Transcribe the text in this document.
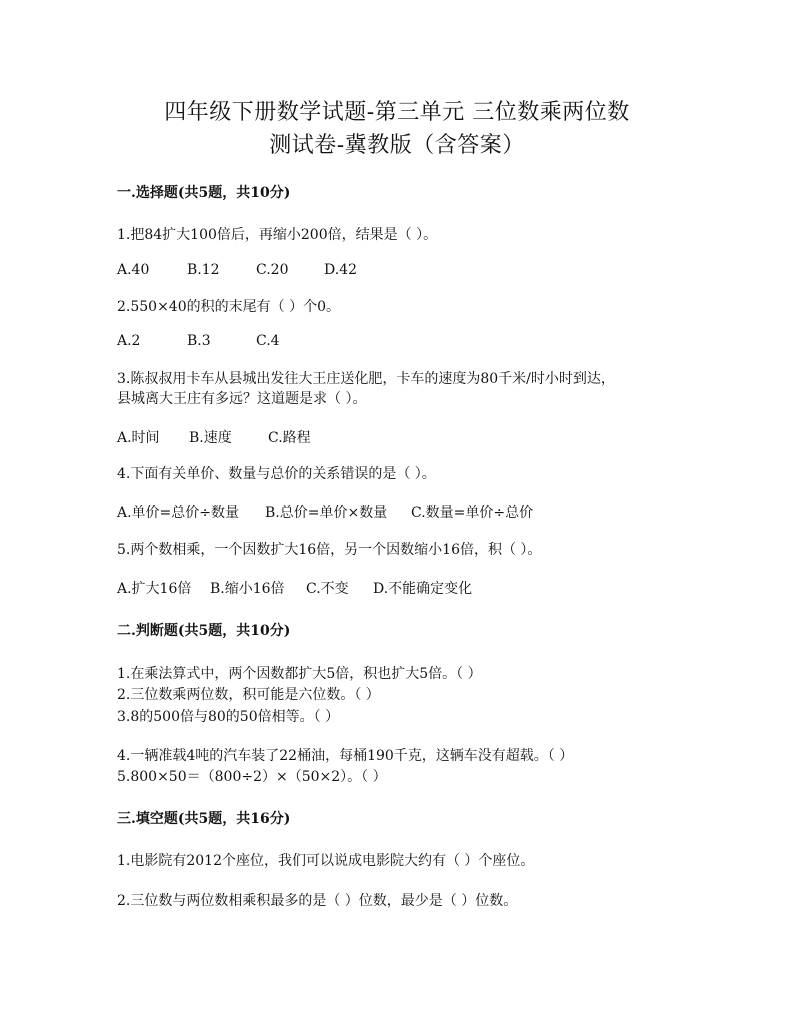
四年级下册数学试题-第三单元 三位数乘两位数
测试卷-冀教版（含答案）
一.选择题(共5题，共10分)
1.把84扩大100倍后，再缩小200倍，结果是（ ）。
A.40	B.12	C.20	D.42
2.550×40的积的末尾有（ ）个0。
A.2	B.3	C.4
3.陈叔叔用卡车从县城出发往大王庄送化肥，卡车的速度为80千米/时小时到达，
县城离大王庄有多远？这道题是求（ ）。
A.时间 B.速度	C.路程
4.下面有关单价、数量与总价的关系错误的是（ ）。
A.单价=总价÷数量 B.总价=单价×数量 C.数量=单价÷总价
5.两个数相乘，一个因数扩大16倍，另一个因数缩小16倍，积（ ）。
A.扩大16倍 B.缩小16倍 C.不变 D.不能确定变化
二.判断题(共5题，共10分)
1.在乘法算式中，两个因数都扩大5倍，积也扩大5倍。（ ）
2.三位数乘两位数，积可能是六位数。（ ）
3.8的500倍与80的50倍相等。（ ）
4.一辆准载4吨的汽车装了22桶油，每桶190千克，这辆车没有超载。（ ）
5.800×50＝（800÷2）×（50×2）。（ ）
三.填空题(共5题，共16分)
1.电影院有2012个座位，我们可以说成电影院大约有（ ）个座位。
2.三位数与两位数相乘积最多的是（ ）位数，最少是（ ）位数。
